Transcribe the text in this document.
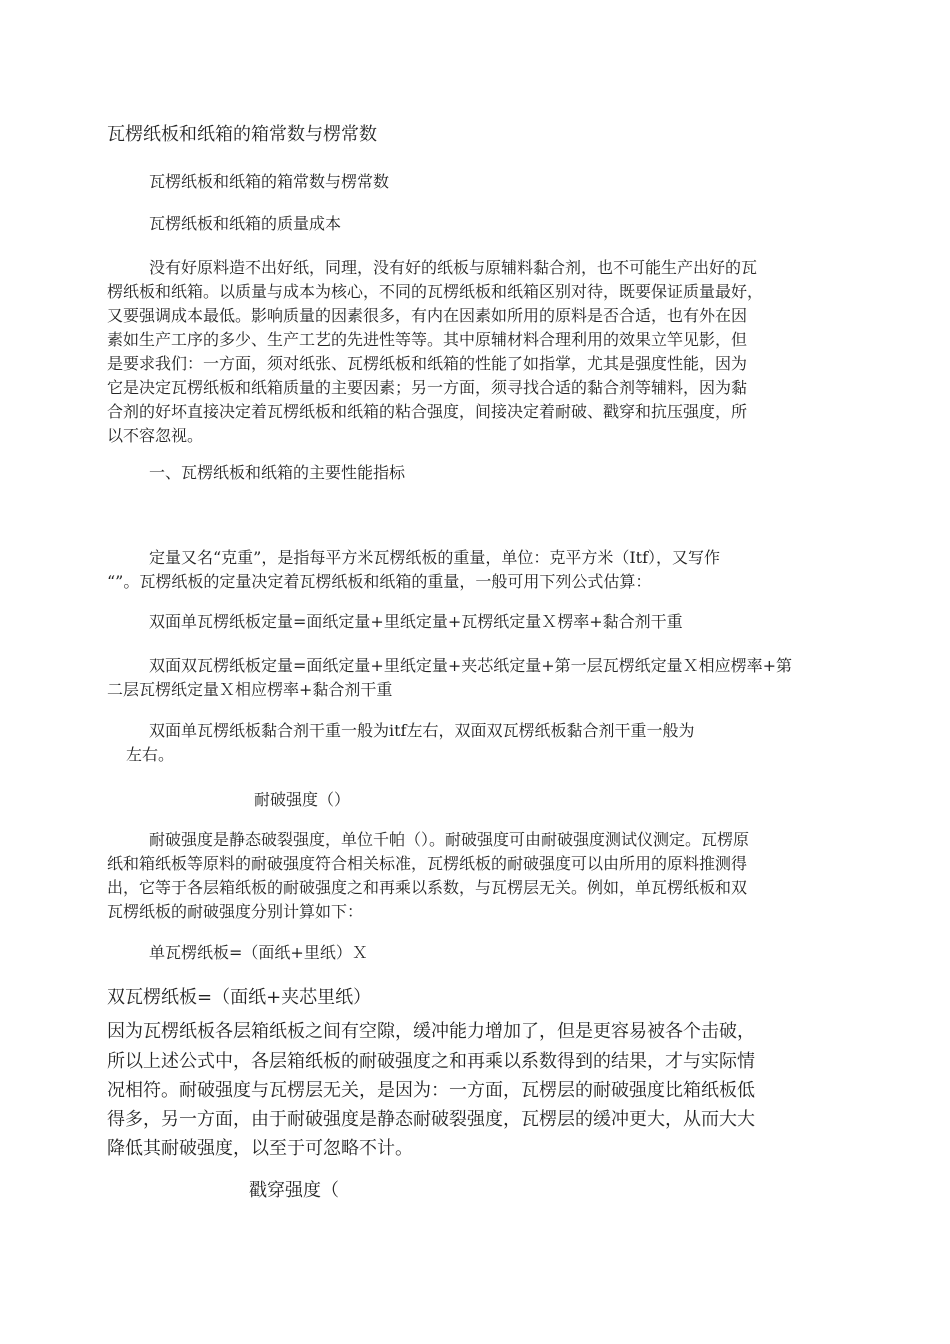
瓦楞纸板和纸箱的箱常数与楞常数

瓦楞纸板和纸箱的箱常数与楞常数

瓦楞纸板和纸箱的质量成本

没有好原料造不出好纸，同理，没有好的纸板与原辅料黏合剂，也不可能生产出好的瓦

楞纸板和纸箱。以质量与成本为核心，不同的瓦楞纸板和纸箱区别对待，既要保证质量最好，

又要强调成本最低。影响质量的因素很多，有内在因素如所用的原料是否合适，也有外在因

素如生产工序的多少、生产工艺的先进性等等。其中原辅材料合理利用的效果立竿见影，但

是要求我们：一方面，须对纸张、瓦楞纸板和纸箱的性能了如指掌，尤其是强度性能，因为

它是决定瓦楞纸板和纸箱质量的主要因素；另一方面，须寻找合适的黏合剂等辅料，因为黏

合剂的好坏直接决定着瓦楞纸板和纸箱的粘合强度，间接决定着耐破、戳穿和抗压强度，所

以不容忽视。

一、瓦楞纸板和纸箱的主要性能指标

定量又名“克重”，是指每平方米瓦楞纸板的重量，单位：克平方米（Itf），又写作

“”。瓦楞纸板的定量决定着瓦楞纸板和纸箱的重量，一般可用下列公式估算：

双面单瓦楞纸板定量=面纸定量+里纸定量+瓦楞纸定量Ｘ楞率+黏合剂干重

双面双瓦楞纸板定量=面纸定量+里纸定量+夹芯纸定量+第一层瓦楞纸定量Ｘ相应楞率+第

二层瓦楞纸定量Ｘ相应楞率+黏合剂干重

双面单瓦楞纸板黏合剂干重一般为itf左右，双面双瓦楞纸板黏合剂干重一般为

左右。

耐破强度（）

耐破强度是静态破裂强度，单位千帕（）。耐破强度可由耐破强度测试仪测定。瓦楞原

纸和箱纸板等原料的耐破强度符合相关标准，瓦楞纸板的耐破强度可以由所用的原料推测得

出，它等于各层箱纸板的耐破强度之和再乘以系数，与瓦楞层无关。例如，单瓦楞纸板和双

瓦楞纸板的耐破强度分别计算如下：

单瓦楞纸板=（面纸+里纸）Ｘ

双瓦楞纸板=（面纸+夹芯里纸）

因为瓦楞纸板各层箱纸板之间有空隙，缓冲能力增加了，但是更容易被各个击破，

所以上述公式中，各层箱纸板的耐破强度之和再乘以系数得到的结果，才与实际情

况相符。耐破强度与瓦楞层无关，是因为：一方面，瓦楞层的耐破强度比箱纸板低

得多，另一方面，由于耐破强度是静态耐破裂强度，瓦楞层的缓冲更大，从而大大

降低其耐破强度，以至于可忽略不计。

戳穿强度（
